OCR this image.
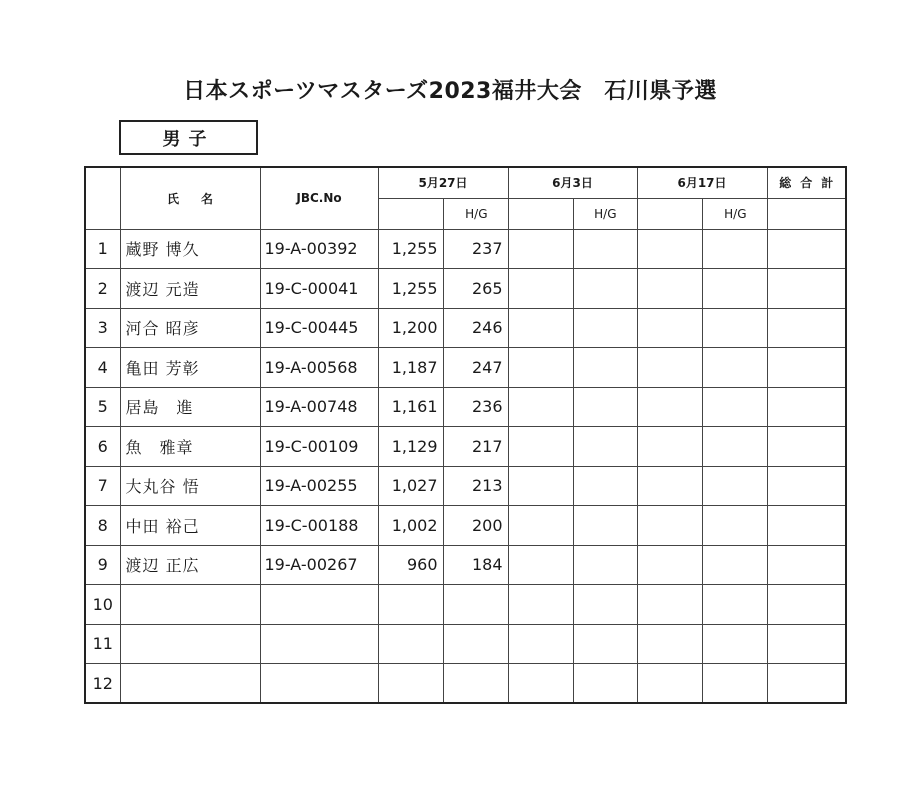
日本スポーツマスターズ2023福井大会　石川県予選
男子
	氏名	JBC.No	5月27日		6月3日		6月17日		総合計
				H/G		H/G		H/G	
1	蔵野 博久	19-A-00392	1,255	237					
2	渡辺 元造	19-C-00041	1,255	265					
3	河合 昭彦	19-C-00445	1,200	246					
4	亀田 芳彰	19-A-00568	1,187	247					
5	居島　進	19-A-00748	1,161	236					
6	魚　雅章	19-C-00109	1,129	217					
7	大丸谷 悟	19-A-00255	1,027	213					
8	中田 裕己	19-C-00188	1,002	200					
9	渡辺 正広	19-A-00267	960	184					
10									
11									
12									
